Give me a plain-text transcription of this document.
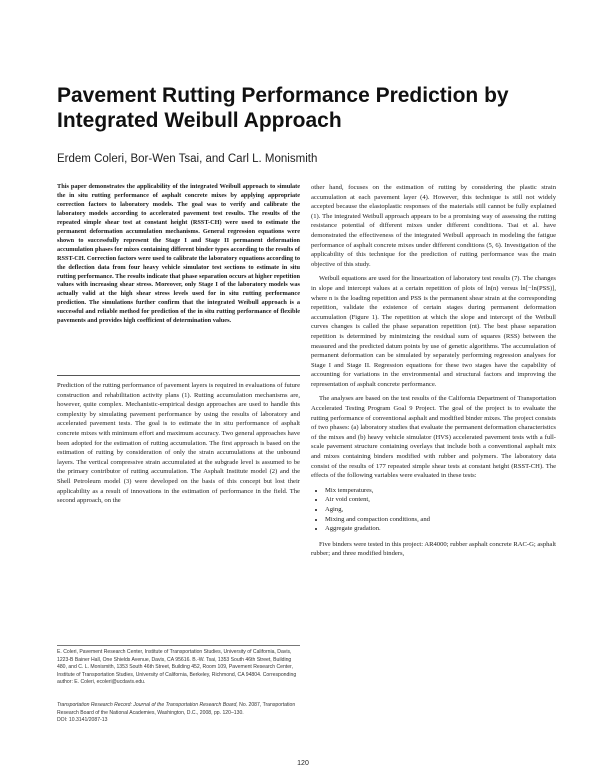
Pavement Rutting Performance Prediction by Integrated Weibull Approach
Erdem Coleri, Bor-Wen Tsai, and Carl L. Monismith

This paper demonstrates the applicability of the integrated Weibull approach to simulate the in situ rutting performance of asphalt concrete mixes by applying appropriate correction factors to laboratory models. The goal was to verify and calibrate the laboratory models according to accelerated pavement test results. The results of the repeated simple shear test at constant height (RSST-CH) were used to estimate the permanent deformation accumulation mechanisms. General regression equations were shown to successfully represent the Stage I and Stage II permanent deformation accumulation phases for mixes containing different binder types according to the results of RSST-CH. Correction factors were used to calibrate the laboratory equations according to the deflection data from four heavy vehicle simulator test sections to estimate in situ rutting performance. The results indicate that phase separation occurs at higher repetition values with increasing shear stress. Moreover, only Stage I of the laboratory models was actually valid at the high shear stress levels used for in situ rutting performance prediction. The simulations further confirm that the integrated Weibull approach is a successful and reliable method for prediction of the in situ rutting performance of flexible pavements and provides high coefficient of determination values.

Prediction of the rutting performance of pavement layers is required in evaluations of future construction and rehabilitation activity plans (1). Rutting accumulation mechanisms are, however, quite complex. Mechanistic-empirical design approaches are used to handle this complexity by simulating pavement performance by using the results of laboratory and accelerated pavement tests. The goal is to estimate the in situ performance of asphalt concrete mixes with minimum effort and maximum accuracy. Two general approaches have been adopted for the estimation of rutting accumulation. The first approach is based on the estimation of rutting by consideration of only the strain accumulations at the unbound layers. The vertical compressive strain accumulated at the subgrade level is assumed to be the primary contributor of rutting accumulation. The Asphalt Institute model (2) and the Shell Petroleum model (3) were developed on the basis of this concept but lost their applicability as a result of innovations in the estimation of performance in the field. The second approach, on the

E. Coleri, Pavement Research Center, Institute of Transportation Studies, University of California, Davis, 1223-B Bainer Hall, One Shields Avenue, Davis, CA 95616. B.-W. Tsai, 1353 South 46th Street, Building 480, and C. L. Monismith, 1353 South 46th Street, Building 452, Room 109, Pavement Research Center, Institute of Transportation Studies, University of California, Berkeley, Richmond, CA 94804. Corresponding author: E. Coleri, ecoleri@ucdavis.edu.

Transportation Research Record: Journal of the Transportation Research Board, No. 2087, Transportation Research Board of the National Academies, Washington, D.C., 2008, pp. 120–130.
DOI: 10.3141/2087-13

other hand, focuses on the estimation of rutting by considering the plastic strain accumulation at each pavement layer (4). However, this technique is still not widely accepted because the elastoplastic responses of the materials still cannot be fully explained (1). The integrated Weibull approach appears to be a promising way of assessing the rutting resistance potential of different mixes under different conditions. Tsai et al. have demonstrated the effectiveness of the integrated Weibull approach in modeling the fatigue performance of asphalt concrete mixes under different conditions (5, 6). Investigation of the applicability of this technique for the prediction of rutting performance was the main objective of this study.

Weibull equations are used for the linearization of laboratory test results (7). The changes in slope and intercept values at a certain repetition of plots of ln(n) versus ln[−ln(PSS)], where n is the loading repetition and PSS is the permanent shear strain at the corresponding repetition, validate the existence of certain stages during permanent deformation accumulation (Figure 1). The repetition at which the slope and intercept of the Weibull curves changes is called the phase separation repetition (nt). The best phase separation repetition is determined by minimizing the residual sum of squares (RSS) between the measured and the predicted datum points by use of genetic algorithms. The accumulation of permanent deformation can be simulated by separately performing regression analyses for Stage I and Stage II. Regression equations for these two stages have the capability of accounting for variations in the environmental and structural factors and improving the representation of asphalt concrete performance.

The analyses are based on the test results of the California Department of Transportation Accelerated Testing Program Goal 9 Project. The goal of the project is to evaluate the rutting performance of conventional asphalt and modified binder mixes. The project consists of two phases: (a) laboratory studies that evaluate the permanent deformation characteristics of the mixes and (b) heavy vehicle simulator (HVS) accelerated pavement tests with a full-scale pavement structure containing overlays that include both a conventional asphalt mix and mixes containing binders modified with rubber and polymers. The laboratory data consist of the results of 177 repeated simple shear tests at constant height (RSST-CH). The effects of the following variables were evaluated in these tests:

• Mix temperatures,
• Air void content,
• Aging,
• Mixing and compaction conditions, and
• Aggregate gradation.

Five binders were tested in this project: AR4000; rubber asphalt concrete RAC-G; asphalt rubber; and three modified binders,

120
